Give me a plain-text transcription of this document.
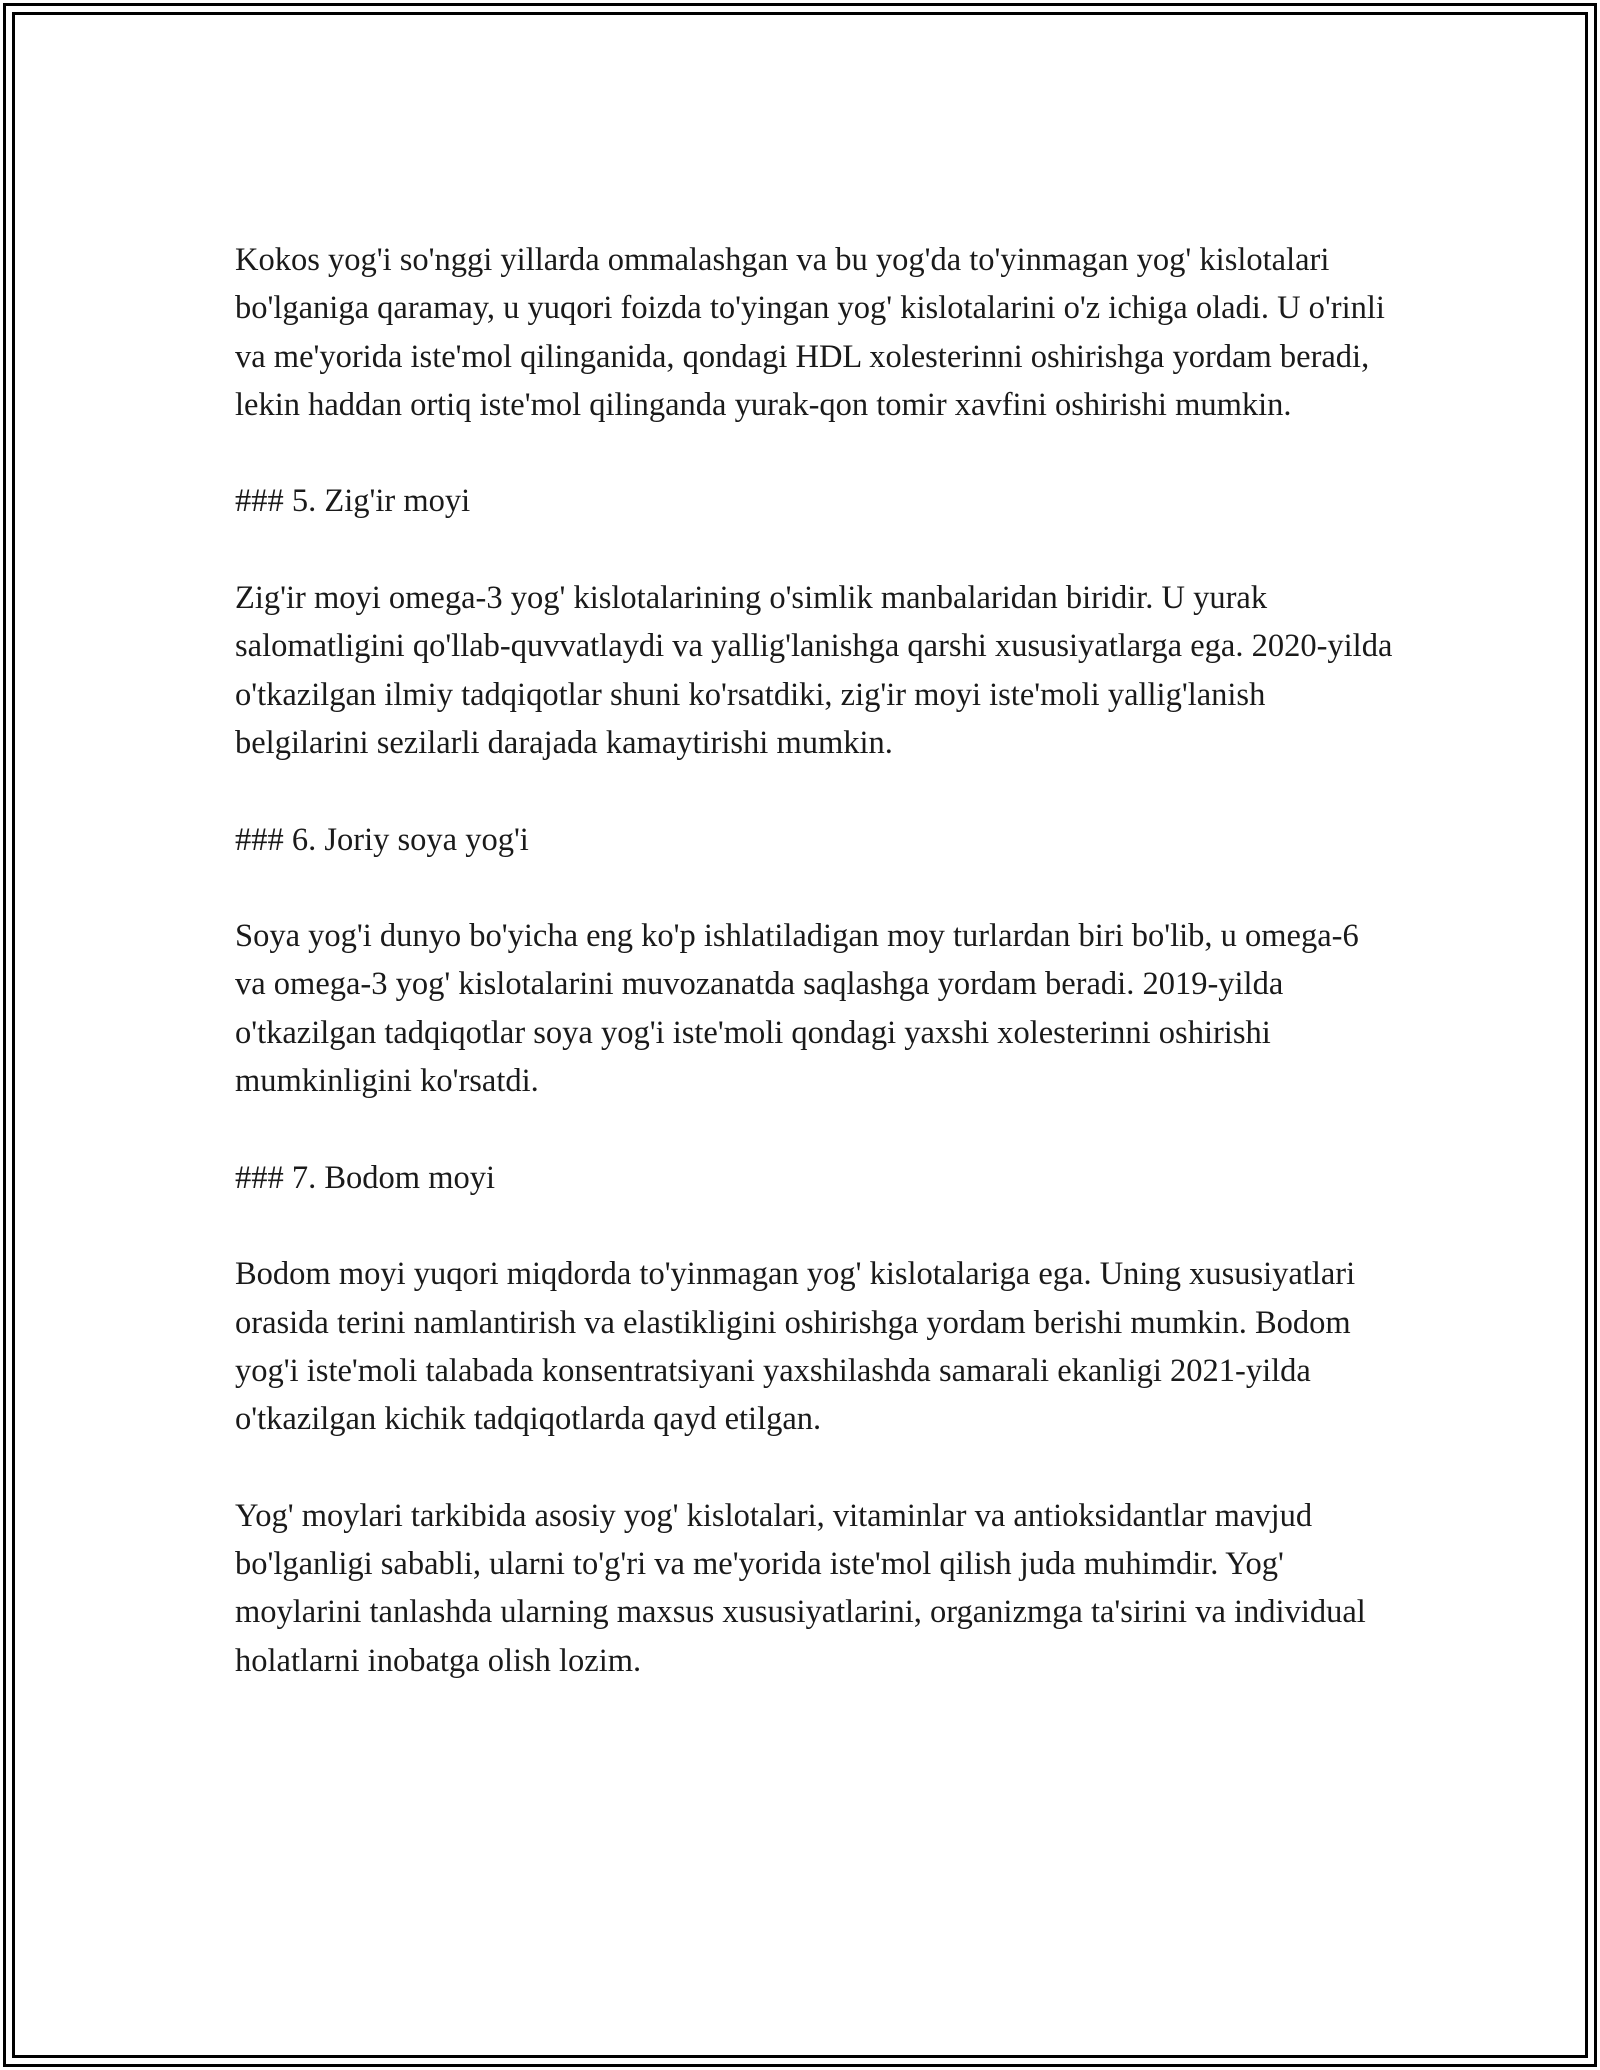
Kokos yog'i so'nggi yillarda ommalashgan va bu yog'da to'yinmagan yog' kislotalari bo'lganiga qaramay, u yuqori foizda to'yingan yog' kislotalarini o'z ichiga oladi. U o'rinli va me'yorida iste'mol qilinganida, qondagi HDL xolesterinni oshirishga yordam beradi, lekin haddan ortiq iste'mol qilinganda yurak-qon tomir xavfini oshirishi mumkin.

### 5. Zig'ir moyi

Zig'ir moyi omega-3 yog' kislotalarining o'simlik manbalaridan biridir. U yurak salomatligini qo'llab-quvvatlaydi va yallig'lanishga qarshi xususiyatlarga ega. 2020-yilda o'tkazilgan ilmiy tadqiqotlar shuni ko'rsatdiki, zig'ir moyi iste'moli yallig'lanish belgilarini sezilarli darajada kamaytirishi mumkin.

### 6. Joriy soya yog'i

Soya yog'i dunyo bo'yicha eng ko'p ishlatiladigan moy turlardan biri bo'lib, u omega-6 va omega-3 yog' kislotalarini muvozanatda saqlashga yordam beradi. 2019-yilda o'tkazilgan tadqiqotlar soya yog'i iste'moli qondagi yaxshi xolesterinni oshirishi mumkinligini ko'rsatdi.

### 7. Bodom moyi

Bodom moyi yuqori miqdorda to'yinmagan yog' kislotalariga ega. Uning xususiyatlari orasida terini namlantirish va elastikligini oshirishga yordam berishi mumkin. Bodom yog'i iste'moli talabada konsentratsiyani yaxshilashda samarali ekanligi 2021-yilda o'tkazilgan kichik tadqiqotlarda qayd etilgan.

Yog' moylari tarkibida asosiy yog' kislotalari, vitaminlar va antioksidantlar mavjud bo'lganligi sababli, ularni to'g'ri va me'yorida iste'mol qilish juda muhimdir. Yog' moylarini tanlashda ularning maxsus xususiyatlarini, organizmga ta'sirini va individual holatlarni inobatga olish lozim.
